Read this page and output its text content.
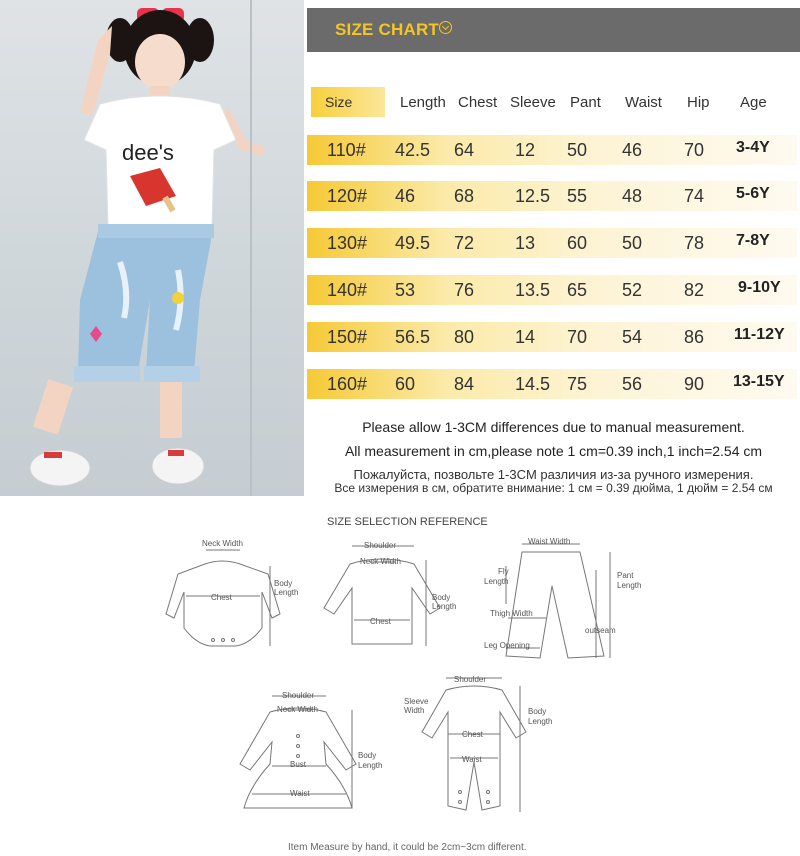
dee's
SIZE CHART
Size	Length Chest Sleeve Pant Waist Hip Age
110# 42.5 64 12 50 46 70 3-4Y
120# 46 68 12.5 55 48 74 5-6Y
130# 49.5 72 13 60 50 78 7-8Y
140# 53 76 13.5 65 52 82 9-10Y
150# 56.5 80 14 70 54 86 11-12Y
160# 60 84 14.5 75 56 90 13-15Y
Please allow 1-3CM differences due to manual measurement.
All measurement in cm,please note 1 cm=0.39 inch,1 inch=2.54 cm
Пожалуйста, позвольте 1-3CM различия из-за ручного измерения.
Все измерения в см, обратите внимание: 1 см = 0.39 дюйма, 1 дюйм = 2.54 см
SIZE SELECTION REFERENCE
Neck Width
Chest
Body
Length
Shoulder
Neck Width
Chest
Body
Length
Waist Width
Fly
Length
Pant
Length
Thigh Width
outseam
Leg Opening
Shoulder
Neck Width
Bust
Waist
Body
Length
Shoulder
Sleeve
Width
Chest
Waist
Body
Length
Item Measure by hand, it could be 2cm~3cm different.
